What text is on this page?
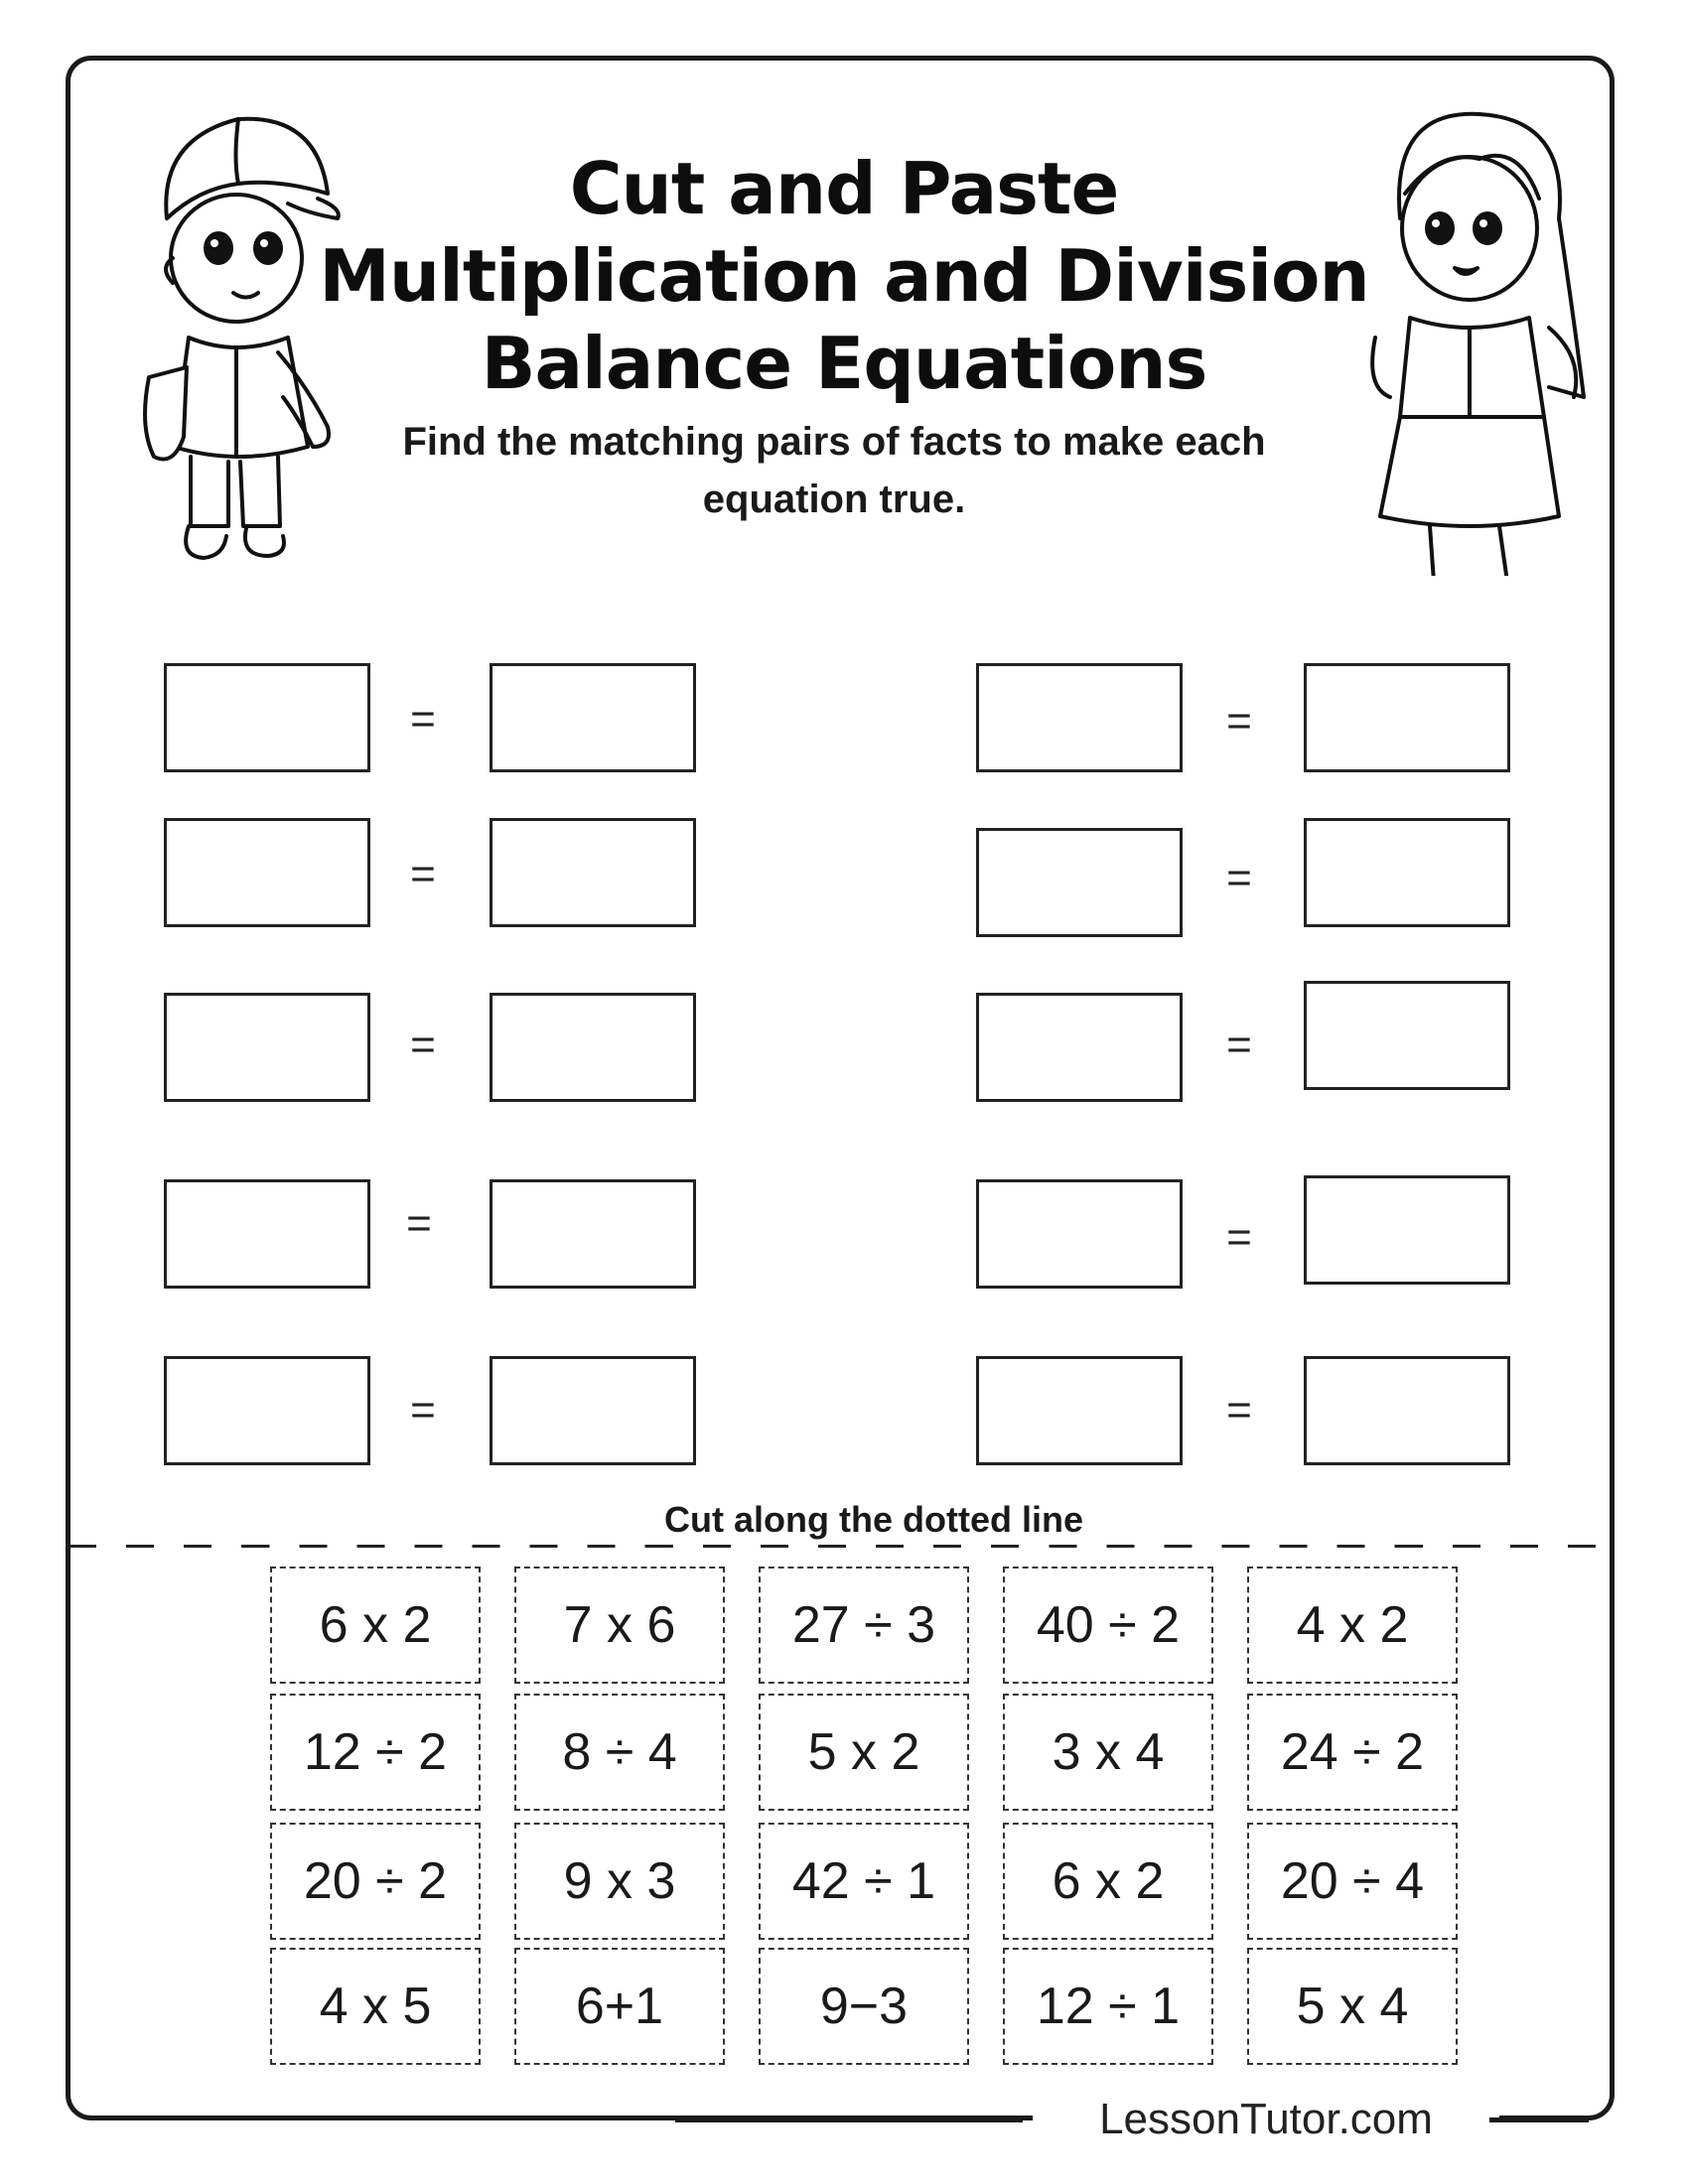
Cut and Paste
Multiplication and Division
Balance Equations
Find the matching pairs of facts to make each equation true.
=
=
=
=
=
=
=
=
=
=
Cut along the dotted line
6 x 2	7 x 6	27 ÷ 3	40 ÷ 2	4 x 2
12 ÷ 2	8 ÷ 4	5 x 2	3 x 4	24 ÷ 2
20 ÷ 2	9 x 3	42 ÷ 1	6 x 2	20 ÷ 4
4 x 5	6+1	9−3	12 ÷ 1	5 x 4
LessonTutor.com
